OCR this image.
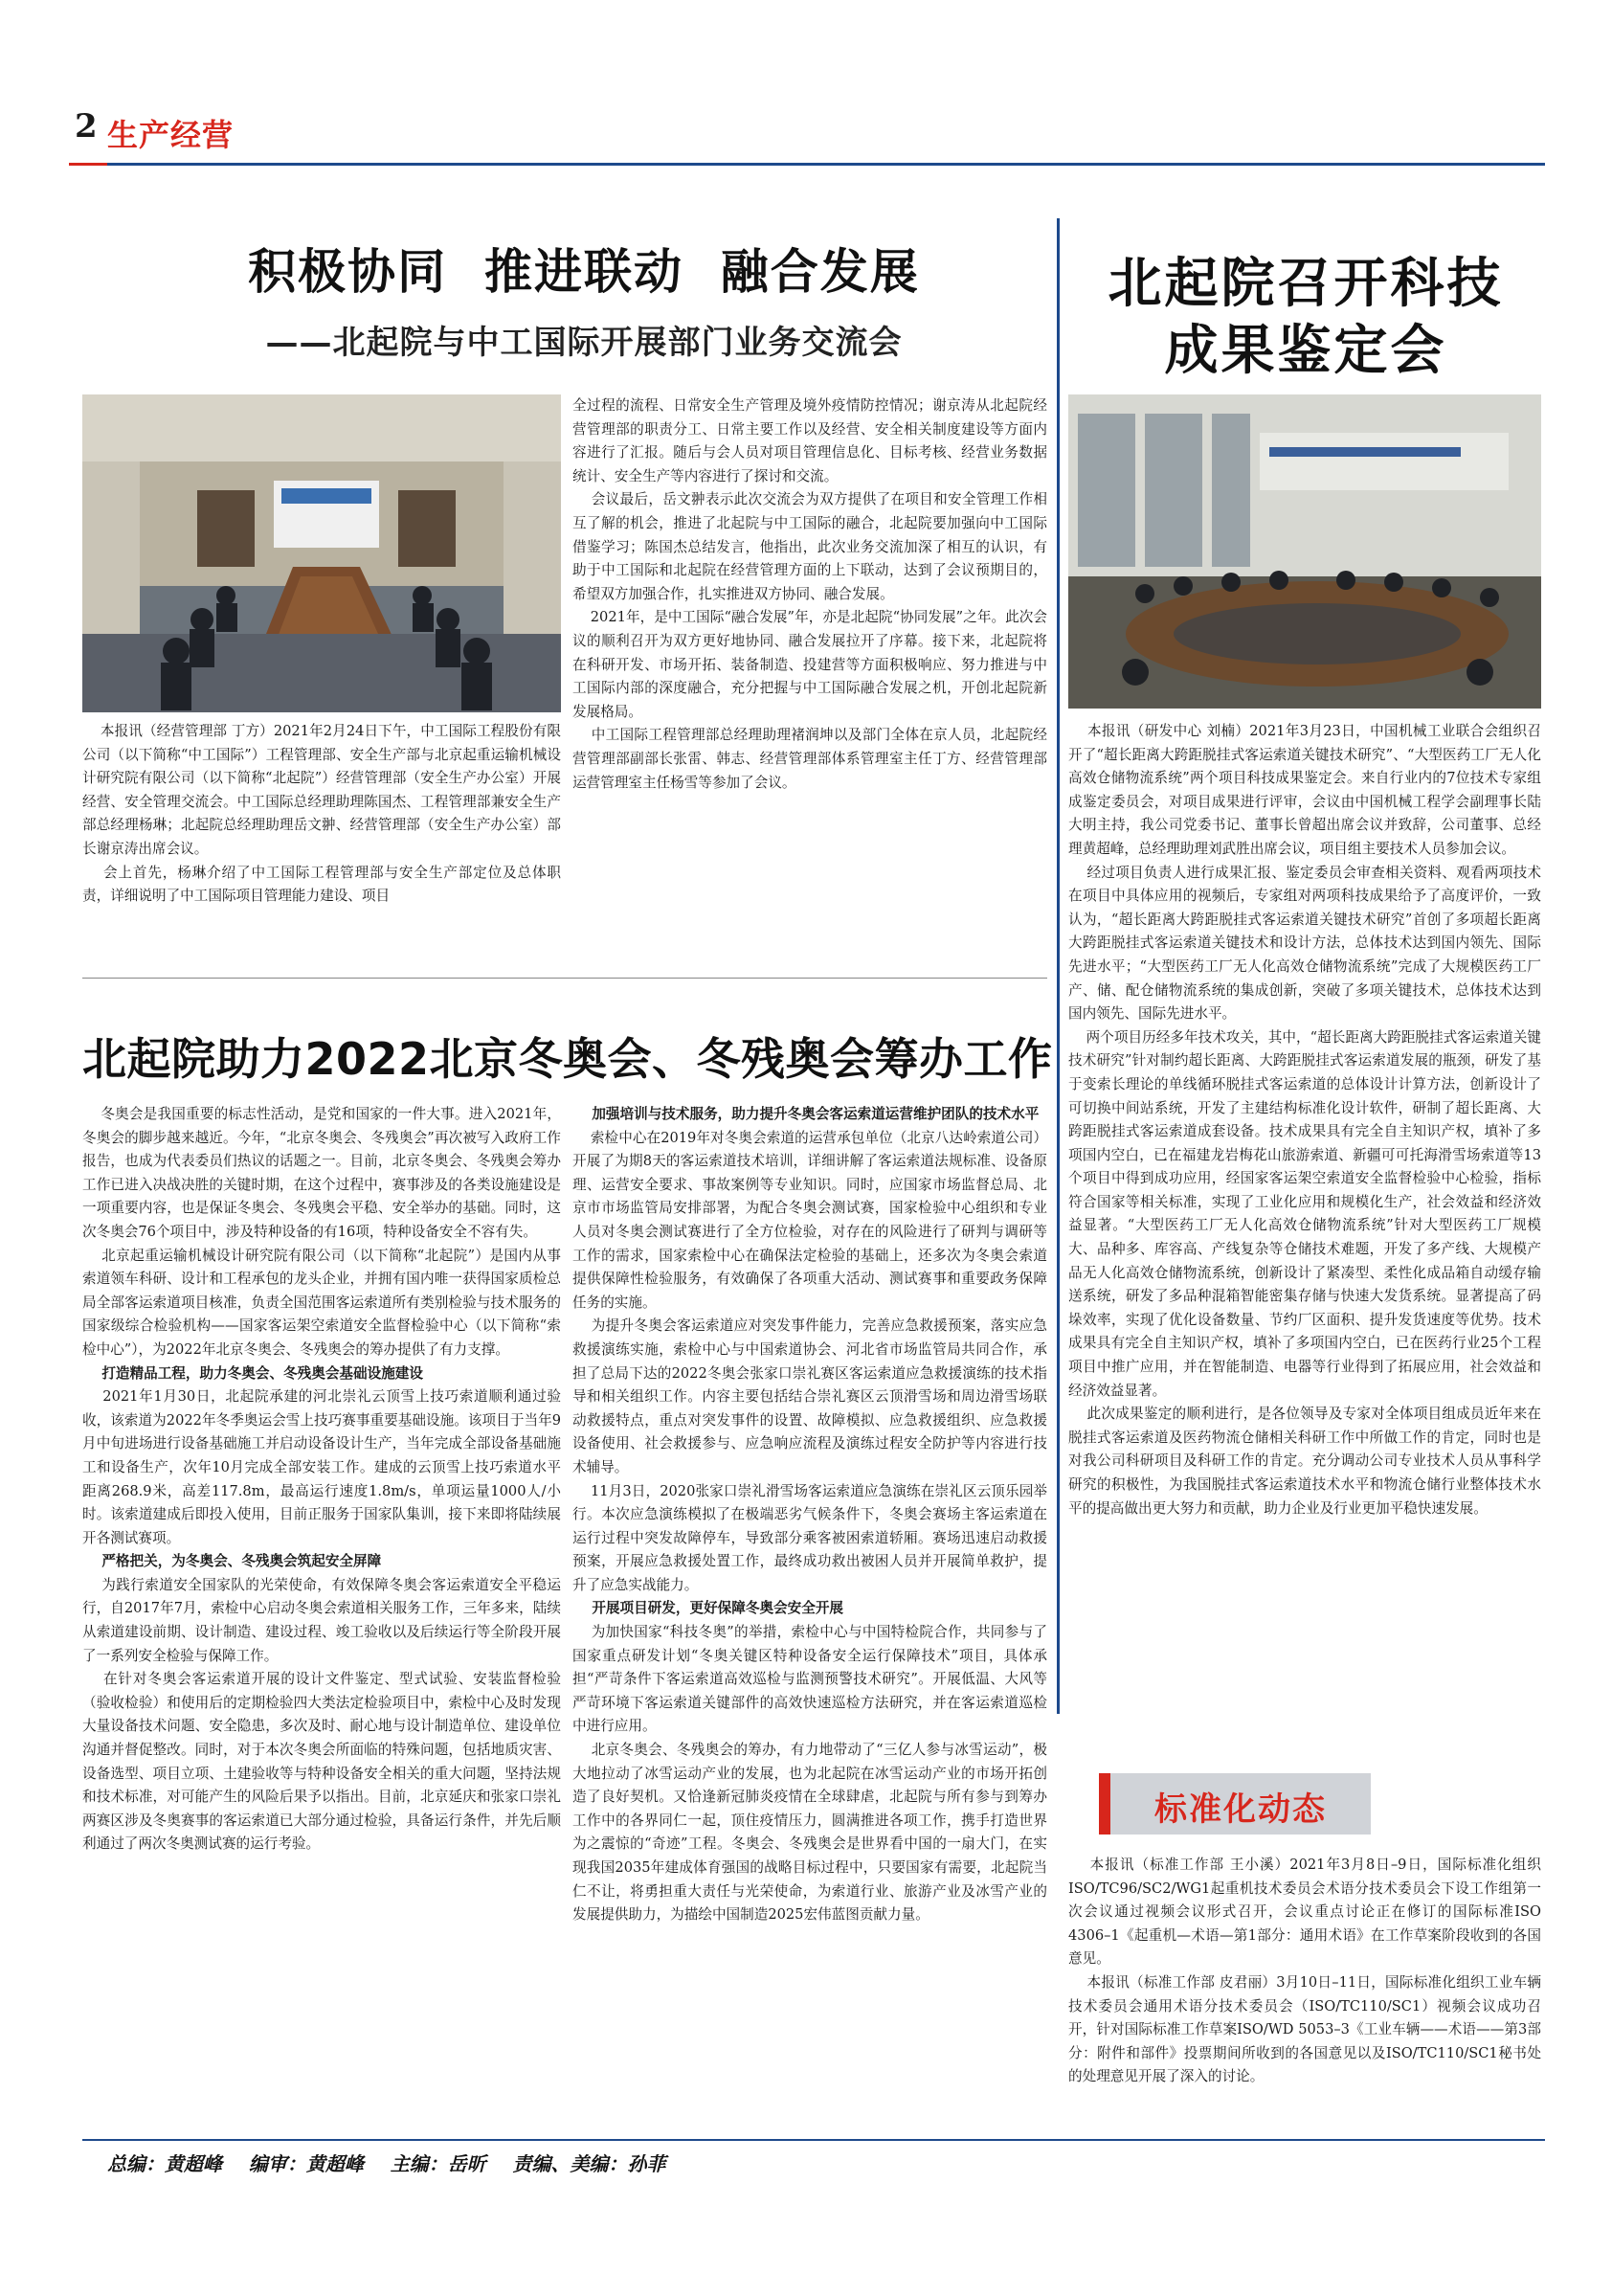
2 生产经营
积极协同  推进联动  融合发展
——北起院与中工国际开展部门业务交流会
本报讯（经营管理部 丁方）2021年2月24日下午，中工国际工程股份有限公司（以下简称“中工国际”）工程管理部、安全生产部与北京起重运输机械设计研究院有限公司（以下简称“北起院”）经营管理部（安全生产办公室）开展经营、安全管理交流会。中工国际总经理助理陈国杰、工程管理部兼安全生产部总经理杨琳；北起院总经理助理岳文翀、经营管理部（安全生产办公室）部长谢京涛出席会议。
会上首先，杨琳介绍了中工国际工程管理部与安全生产部定位及总体职责，详细说明了中工国际项目管理能力建设、项目
全过程的流程、日常安全生产管理及境外疫情防控情况；谢京涛从北起院经营管理部的职责分工、日常主要工作以及经营、安全相关制度建设等方面内容进行了汇报。随后与会人员对项目管理信息化、目标考核、经营业务数据统计、安全生产等内容进行了探讨和交流。
会议最后，岳文翀表示此次交流会为双方提供了在项目和安全管理工作相互了解的机会，推进了北起院与中工国际的融合，北起院要加强向中工国际借鉴学习；陈国杰总结发言，他指出，此次业务交流加深了相互的认识，有助于中工国际和北起院在经营管理方面的上下联动，达到了会议预期目的，希望双方加强合作，扎实推进双方协同、融合发展。
2021年，是中工国际“融合发展”年，亦是北起院“协同发展”之年。此次会议的顺利召开为双方更好地协同、融合发展拉开了序幕。接下来，北起院将在科研开发、市场开拓、装备制造、投建营等方面积极响应、努力推进与中工国际内部的深度融合，充分把握与中工国际融合发展之机，开创北起院新发展格局。
中工国际工程管理部总经理助理褚润坤以及部门全体在京人员，北起院经营管理部副部长张雷、韩志、经营管理部体系管理室主任丁方、经营管理部运营管理室主任杨雪等参加了会议。
北起院召开科技
成果鉴定会
本报讯（研发中心 刘楠）2021年3月23日，中国机械工业联合会组织召开了“超长距离大跨距脱挂式客运索道关键技术研究”、“大型医药工厂无人化高效仓储物流系统”两个项目科技成果鉴定会。来自行业内的7位技术专家组成鉴定委员会，对项目成果进行评审，会议由中国机械工程学会副理事长陆大明主持，我公司党委书记、董事长曾超出席会议并致辞，公司董事、总经理黄超峰，总经理助理刘武胜出席会议，项目组主要技术人员参加会议。
经过项目负责人进行成果汇报、鉴定委员会审查相关资料、观看两项技术在项目中具体应用的视频后，专家组对两项科技成果给予了高度评价，一致认为，“超长距离大跨距脱挂式客运索道关键技术研究”首创了多项超长距离大跨距脱挂式客运索道关键技术和设计方法，总体技术达到国内领先、国际先进水平；“大型医药工厂无人化高效仓储物流系统”完成了大规模医药工厂产、储、配仓储物流系统的集成创新，突破了多项关键技术，总体技术达到国内领先、国际先进水平。
两个项目历经多年技术攻关，其中，“超长距离大跨距脱挂式客运索道关键技术研究”针对制约超长距离、大跨距脱挂式客运索道发展的瓶颈，研发了基于变索长理论的单线循环脱挂式客运索道的总体设计计算方法，创新设计了可切换中间站系统，开发了主建结构标准化设计软件，研制了超长距离、大跨距脱挂式客运索道成套设备。技术成果具有完全自主知识产权，填补了多项国内空白，已在福建龙岩梅花山旅游索道、新疆可可托海滑雪场索道等13个项目中得到成功应用，经国家客运架空索道安全监督检验中心检验，指标符合国家等相关标准，实现了工业化应用和规模化生产，社会效益和经济效益显著。“大型医药工厂无人化高效仓储物流系统”针对大型医药工厂规模大、品种多、库容高、产线复杂等仓储技术难题，开发了多产线、大规模产品无人化高效仓储物流系统，创新设计了紧凑型、柔性化成品箱自动缓存输送系统，研发了多品种混箱智能密集存储与快速大发货系统。显著提高了码垛效率，实现了优化设备数量、节约厂区面积、提升发货速度等优势。技术成果具有完全自主知识产权，填补了多项国内空白，已在医药行业25个工程项目中推广应用，并在智能制造、电器等行业得到了拓展应用，社会效益和经济效益显著。
此次成果鉴定的顺利进行，是各位领导及专家对全体项目组成员近年来在脱挂式客运索道及医药物流仓储相关科研工作中所做工作的肯定，同时也是对我公司科研项目及科研工作的肯定。充分调动公司专业技术人员从事科学研究的积极性，为我国脱挂式客运索道技术水平和物流仓储行业整体技术水平的提高做出更大努力和贡献，助力企业及行业更加平稳快速发展。
北起院助力2022北京冬奥会、冬残奥会筹办工作
冬奥会是我国重要的标志性活动，是党和国家的一件大事。进入2021年，冬奥会的脚步越来越近。今年，“北京冬奥会、冬残奥会”再次被写入政府工作报告，也成为代表委员们热议的话题之一。目前，北京冬奥会、冬残奥会筹办工作已进入决战决胜的关键时期，在这个过程中，赛事涉及的各类设施建设是一项重要内容，也是保证冬奥会、冬残奥会平稳、安全举办的基础。同时，这次冬奥会76个项目中，涉及特种设备的有16项，特种设备安全不容有失。
北京起重运输机械设计研究院有限公司（以下简称“北起院”）是国内从事索道领车科研、设计和工程承包的龙头企业，并拥有国内唯一获得国家质检总局全部客运索道项目核准，负责全国范围客运索道所有类别检验与技术服务的国家级综合检验机构——国家客运架空索道安全监督检验中心（以下简称“索检中心”），为2022年北京冬奥会、冬残奥会的筹办提供了有力支撑。
打造精品工程，助力冬奥会、冬残奥会基础设施建设
2021年1月30日，北起院承建的河北崇礼云顶雪上技巧索道顺利通过验收，该索道为2022年冬季奥运会雪上技巧赛事重要基础设施。该项目于当年9月中旬进场进行设备基础施工并启动设备设计生产，当年完成全部设备基础施工和设备生产，次年10月完成全部安装工作。建成的云顶雪上技巧索道水平距离268.9米，高差117.8m，最高运行速度1.8m/s，单项运量1000人/小时。该索道建成后即投入使用，目前正服务于国家队集训，接下来即将陆续展开各测试赛项。
严格把关，为冬奥会、冬残奥会筑起安全屏障
为践行索道安全国家队的光荣使命，有效保障冬奥会客运索道安全平稳运行，自2017年7月，索检中心启动冬奥会索道相关服务工作，三年多来，陆续从索道建设前期、设计制造、建设过程、竣工验收以及后续运行等全阶段开展了一系列安全检验与保障工作。
在针对冬奥会客运索道开展的设计文件鉴定、型式试验、安装监督检验（验收检验）和使用后的定期检验四大类法定检验项目中，索检中心及时发现大量设备技术问题、安全隐患，多次及时、耐心地与设计制造单位、建设单位沟通并督促整改。同时，对于本次冬奥会所面临的特殊问题，包括地质灾害、设备选型、项目立项、土建验收等与特种设备安全相关的重大问题，坚持法规和技术标准，对可能产生的风险后果予以指出。目前，北京延庆和张家口崇礼两赛区涉及冬奥赛事的客运索道已大部分通过检验，具备运行条件，并先后顺利通过了两次冬奥测试赛的运行考验。
加强培训与技术服务，助力提升冬奥会客运索道运营维护团队的技术水平
索检中心在2019年对冬奥会索道的运营承包单位（北京八达岭索道公司）开展了为期8天的客运索道技术培训，详细讲解了客运索道法规标准、设备原理、运营安全要求、事故案例等专业知识。同时，应国家市场监督总局、北京市市场监管局安排部署，为配合冬奥会测试赛，国家检验中心组织和专业人员对冬奥会测试赛进行了全方位检验，对存在的风险进行了研判与调研等工作的需求，国家索检中心在确保法定检验的基础上，还多次为冬奥会索道提供保障性检验服务，有效确保了各项重大活动、测试赛事和重要政务保障任务的实施。
为提升冬奥会客运索道应对突发事件能力，完善应急救援预案，落实应急救援演练实施，索检中心与中国索道协会、河北省市场监管局共同合作，承担了总局下达的2022冬奥会张家口崇礼赛区客运索道应急救援演练的技术指导和相关组织工作。内容主要包括结合崇礼赛区云顶滑雪场和周边滑雪场联动救援特点，重点对突发事件的设置、故障模拟、应急救援组织、应急救援设备使用、社会救援参与、应急响应流程及演练过程安全防护等内容进行技术辅导。
11月3日，2020张家口崇礼滑雪场客运索道应急演练在崇礼区云顶乐园举行。本次应急演练模拟了在极端恶劣气候条件下，冬奥会赛场主客运索道在运行过程中突发故障停车，导致部分乘客被困索道轿厢。赛场迅速启动救援预案，开展应急救援处置工作，最终成功救出被困人员并开展简单救护，提升了应急实战能力。
开展项目研发，更好保障冬奥会安全开展
为加快国家“科技冬奥”的举措，索检中心与中国特检院合作，共同参与了国家重点研发计划“冬奥关键区特种设备安全运行保障技术”项目，具体承担“严苛条件下客运索道高效巡检与监测预警技术研究”。开展低温、大风等严苛环境下客运索道关键部件的高效快速巡检方法研究，并在客运索道巡检中进行应用。
北京冬奥会、冬残奥会的筹办，有力地带动了“三亿人参与冰雪运动”，极大地拉动了冰雪运动产业的发展，也为北起院在冰雪运动产业的市场开拓创造了良好契机。又恰逢新冠肺炎疫情在全球肆虐，北起院与所有参与到筹办工作中的各界同仁一起，顶住疫情压力，圆满推进各项工作，携手打造世界为之震惊的“奇迹”工程。冬奥会、冬残奥会是世界看中国的一扇大门，在实现我国2035年建成体育强国的战略目标过程中，只要国家有需要，北起院当仁不让，将勇担重大责任与光荣使命，为索道行业、旅游产业及冰雪产业的发展提供助力，为描绘中国制造2025宏伟蓝图贡献力量。
标准化动态
本报讯（标准工作部 王小溪）2021年3月8日–9日，国际标准化组织ISO/TC96/SC2/WG1起重机技术委员会术语分技术委员会下设工作组第一次会议通过视频会议形式召开，会议重点讨论正在修订的国际标准ISO 4306–1《起重机—术语—第1部分：通用术语》在工作草案阶段收到的各国意见。
本报讯（标准工作部 皮君丽）3月10日–11日，国际标准化组织工业车辆技术委员会通用术语分技术委员会（ISO/TC110/SC1）视频会议成功召开，针对国际标准工作草案ISO/WD 5053–3《工业车辆——术语——第3部分：附件和部件》投票期间所收到的各国意见以及ISO/TC110/SC1秘书处的处理意见开展了深入的讨论。
总编：黄超峰    编审：黄超峰    主编：岳昕    责编、美编：孙菲
